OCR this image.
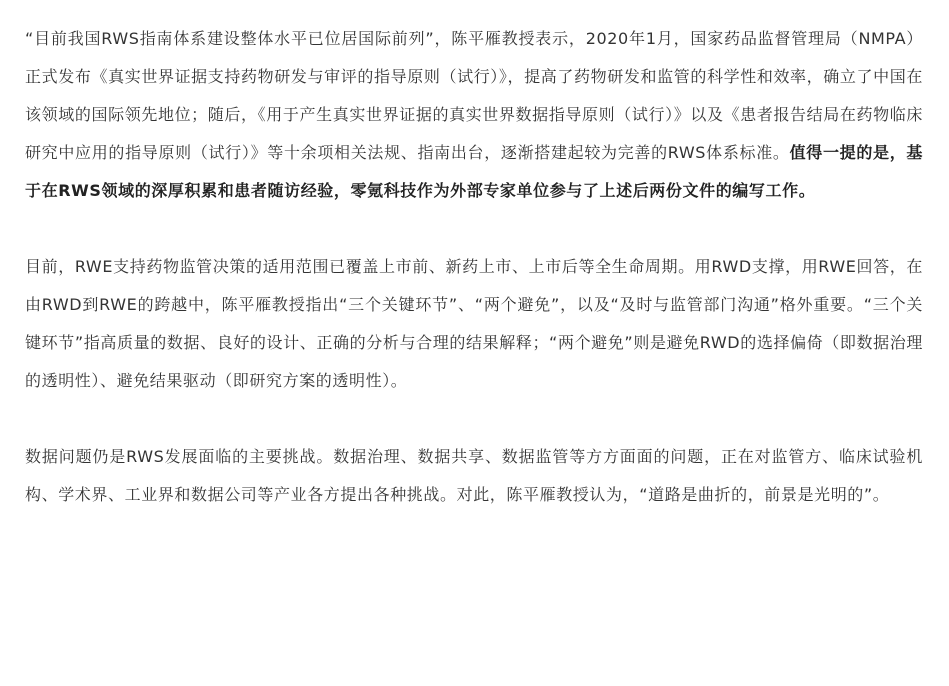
“目前我国RWS指南体系建设整体水平已位居国际前列”，陈平雁教授表示，2020年1月，国家药品监督管理局（NMPA）正式发布《真实世界证据支持药物研发与审评的指导原则（试行）》，提高了药物研发和监管的科学性和效率，确立了中国在该领域的国际领先地位；随后，《用于产生真实世界证据的真实世界数据指导原则（试行）》以及《患者报告结局在药物临床研究中应用的指导原则（试行）》等十余项相关法规、指南出台，逐渐搭建起较为完善的RWS体系标准。值得一提的是，基于在RWS领域的深厚积累和患者随访经验，零氪科技作为外部专家单位参与了上述后两份文件的编写工作。

目前，RWE支持药物监管决策的适用范围已覆盖上市前、新药上市、上市后等全生命周期。用RWD支撑，用RWE回答，在由RWD到RWE的跨越中，陈平雁教授指出“三个关键环节”、“两个避免”，以及“及时与监管部门沟通”格外重要。“三个关键环节”指高质量的数据、良好的设计、正确的分析与合理的结果解释；“两个避免”则是避免RWD的选择偏倚（即数据治理的透明性）、避免结果驱动（即研究方案的透明性）。

数据问题仍是RWS发展面临的主要挑战。数据治理、数据共享、数据监管等方方面面的问题，正在对监管方、临床试验机构、学术界、工业界和数据公司等产业各方提出各种挑战。对此，陈平雁教授认为，“道路是曲折的，前景是光明的”。
